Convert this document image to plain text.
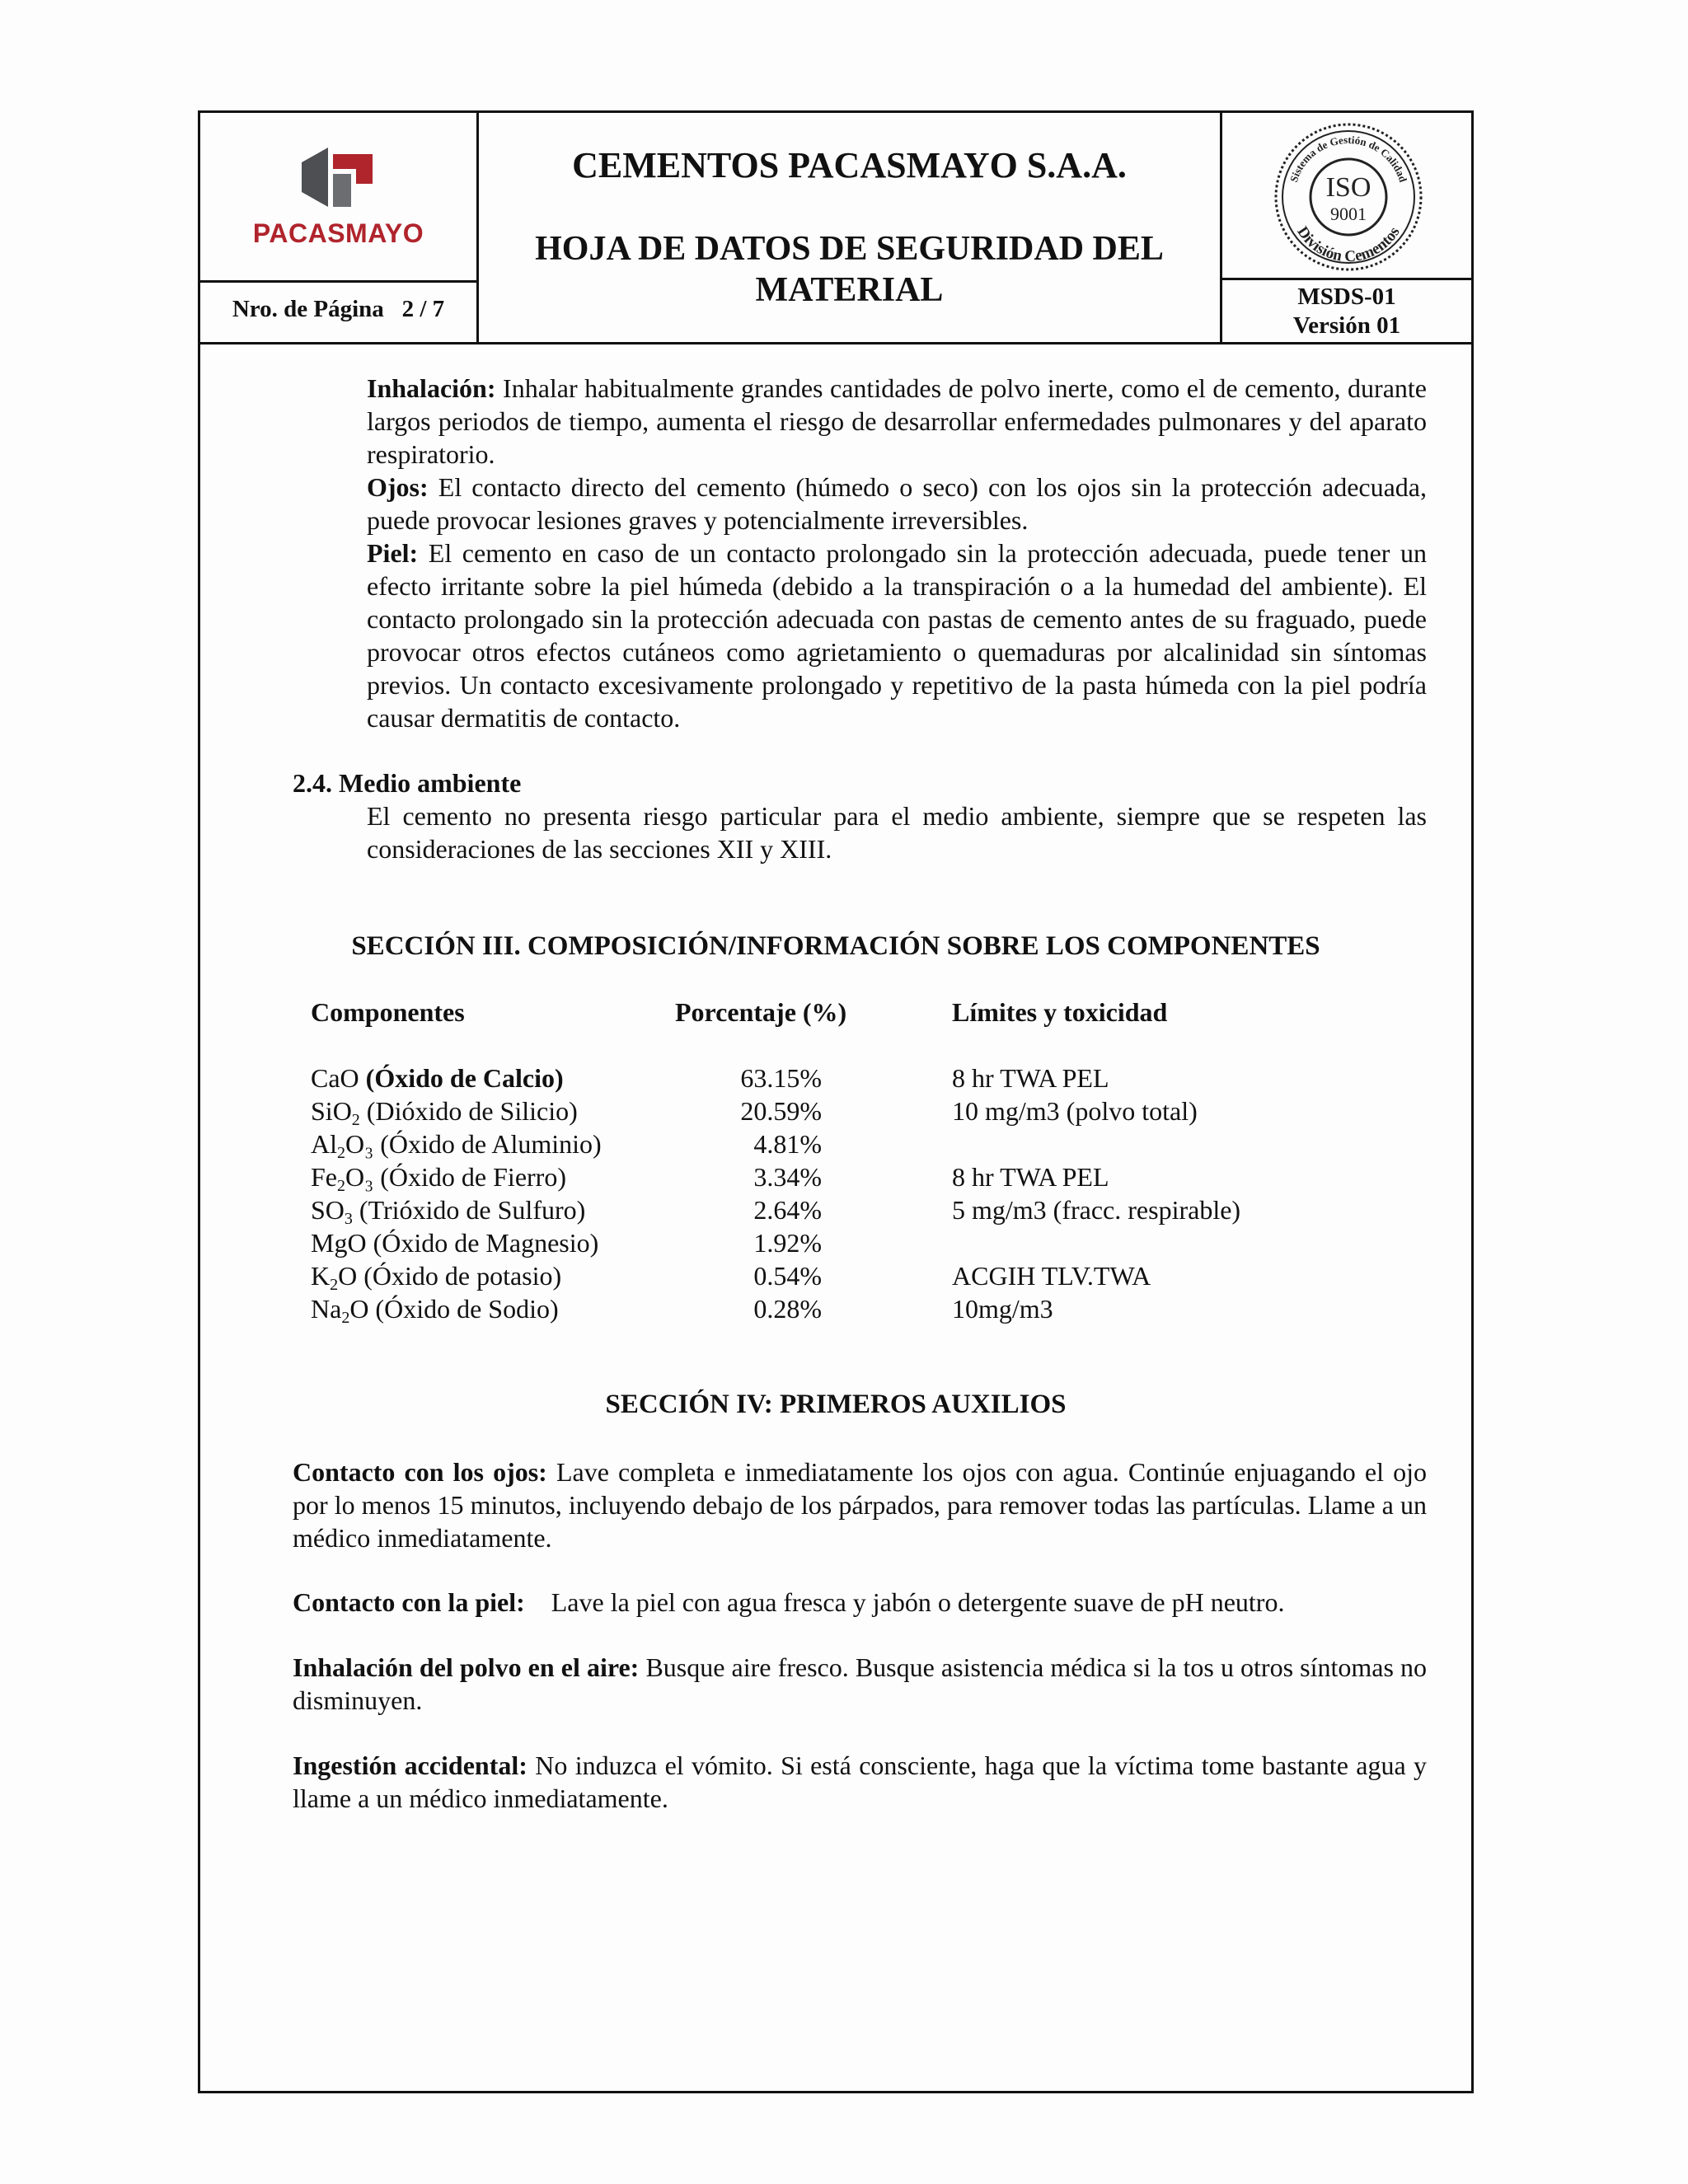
PACASMAYO
Nro. de Página 2 / 7
CEMENTOS PACASMAYO S.A.A.
HOJA DE DATOS DE SEGURIDAD DEL
MATERIAL
Sistema de Gestión de Calidad
División Cementos
ISO
9001
MSDS-01
Versión 01

Inhalación: Inhalar habitualmente grandes cantidades de polvo inerte, como el de cemento, durante largos periodos de tiempo, aumenta el riesgo de desarrollar enfermedades pulmonares y del aparato respiratorio.

Ojos: El contacto directo del cemento (húmedo o seco) con los ojos sin la protección adecuada, puede provocar lesiones graves y potencialmente irreversibles.

Piel: El cemento en caso de un contacto prolongado sin la protección adecuada, puede tener un efecto irritante sobre la piel húmeda (debido a la transpiración o a la humedad del ambiente). El contacto prolongado sin la protección adecuada con pastas de cemento antes de su fraguado, puede provocar otros efectos cutáneos como agrietamiento o quemaduras por alcalinidad sin síntomas previos. Un contacto excesivamente prolongado y repetitivo de la pasta húmeda con la piel podría causar dermatitis de contacto.

2.4. Medio ambiente
El cemento no presenta riesgo particular para el medio ambiente, siempre que se respeten las consideraciones de las secciones XII y XIII.
SECCIÓN III. COMPOSICIÓN/INFORMACIÓN SOBRE LOS COMPONENTES
Componentes	Porcentaje (%)	Límites y toxicidad
CaO (Óxido de Calcio)	63.15%	8 hr TWA PEL
SiO$_2$ (Dióxido de Silicio)	20.59%	10 mg/m3 (polvo total)
$Al_2O_3$ (Óxido de Aluminio)	4.81%
$Fe_2O_3$ (Óxido de Fierro)	3.34%	8 hr TWA PEL
$SO_3$ (Trióxido de Sulfuro)	2.64%	5 mg/m3 (fracc. respirable)
MgO (Óxido de Magnesio)	1.92%
$K_2O$ (Óxido de potasio)	0.54%	ACGIH TLV.TWA
$Na_2O$ (Óxido de Sodio)	0.28%	10mg/m3
SECCIÓN IV: PRIMEROS AUXILIOS
Contacto con los ojos: Lave completa e inmediatamente los ojos con agua. Continúe enjuagando el ojo por lo menos 15 minutos, incluyendo debajo de los párpados, para remover todas las partículas. Llame a un médico inmediatamente.
Contacto con la piel: Lave la piel con agua fresca y jabón o detergente suave de pH neutro.
Inhalación del polvo en el aire: Busque aire fresco. Busque asistencia médica si la tos u otros síntomas no disminuyen.
Ingestión accidental: No induzca el vómito. Si está consciente, haga que la víctima tome bastante agua y llame a un médico inmediatamente.
